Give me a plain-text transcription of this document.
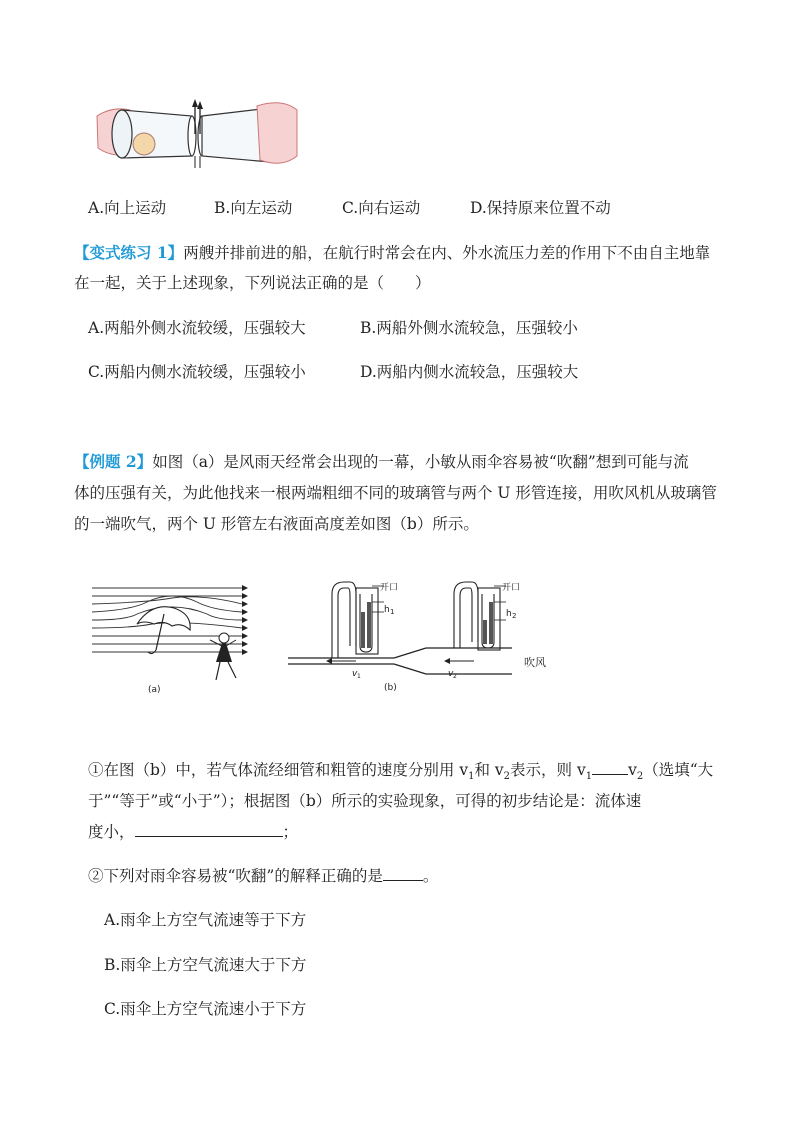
A.向上运动	B.向左运动	C.向右运动	D.保持原来位置不动
【变式练习 1】两艘并排前进的船，在航行时常会在内、外水流压力差的作用下不由自主地靠
在一起，关于上述现象，下列说法正确的是（　　）
A.两船外侧水流较缓，压强较大	B.两船外侧水流较急，压强较小
C.两船内侧水流较缓，压强较小	D.两船内侧水流较急，压强较大
【例题 2】如图（a）是风雨天经常会出现的一幕，小敏从雨伞容易被“吹翻”想到可能与流
体的压强有关，为此他找来一根两端粗细不同的玻璃管与两个 U 形管连接，用吹风机从玻璃管
的一端吹气，两个 U 形管左右液面高度差如图（b）所示。
(a)
开口
h 1
开口
h 2
v 1	v 2
吹风
(b)
①在图（b）中，若气体流经细管和粗管的速度分别用 $v_1$和 $v_2$表示，则 $v_1$ $v_2$（选填“大
于”“等于”或“小于”）；根据图（b）所示的实验现象，可得的初步结论是：流体速
度小，	；
②下列对雨伞容易被“吹翻”的解释正确的是	。
A.雨伞上方空气流速等于下方
B.雨伞上方空气流速大于下方
C.雨伞上方空气流速小于下方
